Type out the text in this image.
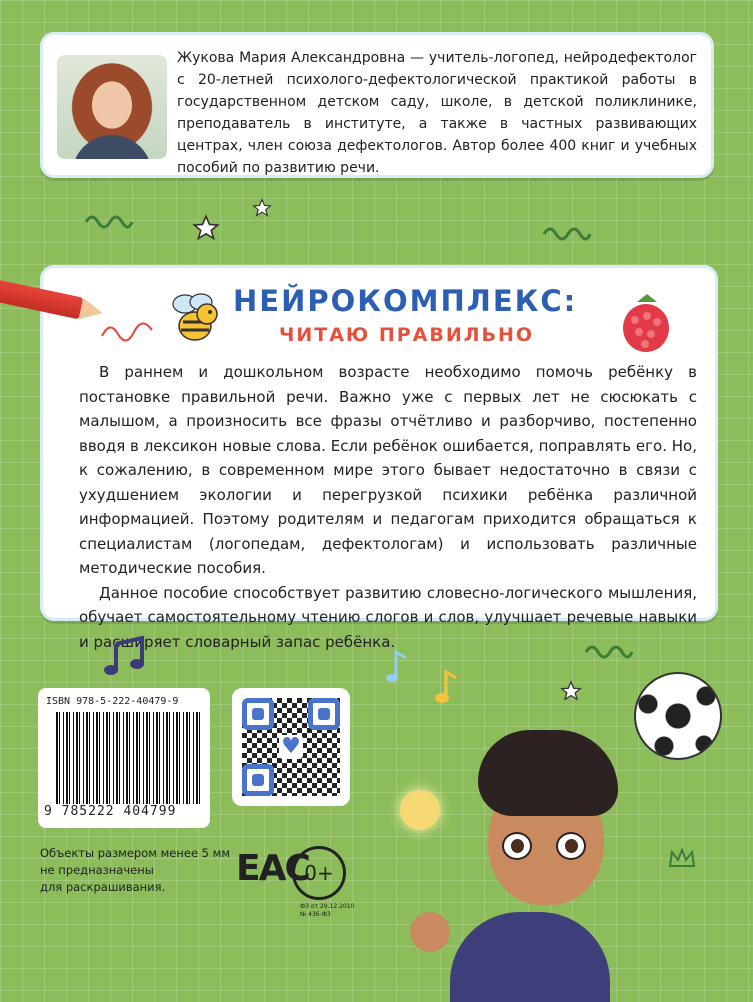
Жукова Мария Александровна — учитель-логопед, нейродефектолог с 20-летней психолого-дефектологической практикой работы в государственном детском саду, школе, в детской поликлинике, преподаватель в институте, а также в частных развивающих центрах, член союза дефектологов. Автор более 400 книг и учебных пособий по развитию речи.
НЕЙРОКОМПЛЕКС:
ЧИТАЮ ПРАВИЛЬНО

В раннем и дошкольном возрасте необходимо помочь ребёнку в постановке правильной речи. Важно уже с первых лет не сюсюкать с малышом, а произносить все фразы отчётливо и разборчиво, постепенно вводя в лексикон новые слова. Если ребёнок ошибается, поправлять его. Но, к сожалению, в современном мире этого бывает недостаточно в связи с ухудшением экологии и перегрузкой психики ребёнка различной информацией. Поэтому родителям и педагогам приходится обращаться к специалистам (логопедам, дефектологам) и использовать различные методические пособия.

Данное пособие способствует развитию словесно-логического мышления, обучает самостоятельному чтению слогов и слов, улучшает речевые навыки и расширяет словарный запас ребёнка.

ISBN 978-5-222-40479-9
9 785222 404799
♥
Объекты размером менее 5 мм
не предназначены
для раскрашивания.	ЕАС
0+
ФЗ от 29.12.2010
№ 436-ФЗ
